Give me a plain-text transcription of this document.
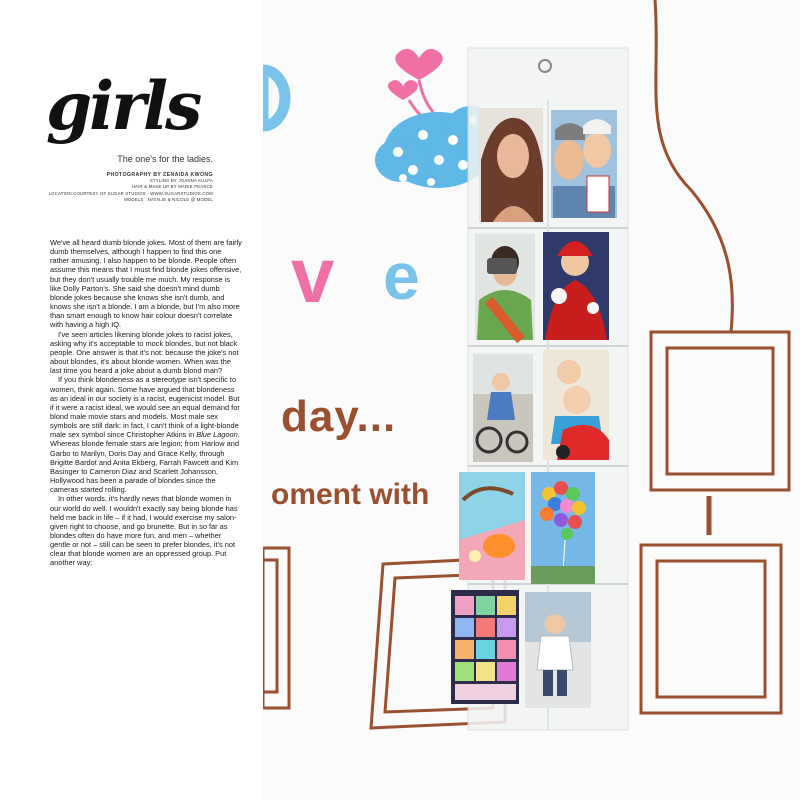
girls
The one's for the ladies.
PHOTOGRAPHY BY ZENAIDA KWONG
STYLING BY JOANNA KULPA
HAIR & MAKE UP BY MARIE PEARCE
LOCATION COURTESY OF SUGAR STUDIOS · WWW.SUGARSTUDIOS.COM
MODELS : NATALIE & NICOLE @ MODEL

We've all heard dumb blonde jokes. Most of them are fairly dumb themselves, although I happen to find this one rather amusing. I also happen to be blonde. People often assume this means that I must find blonde jokes offensive, but they don't usually trouble me much. My response is like Dolly Parton's. She said she doesn't mind dumb blonde jokes because she knows she isn't dumb, and knows she isn't a blonde. I am a blonde, but I'm also more than smart enough to know hair colour doesn't correlate with having a high IQ.

I've seen articles likening blonde jokes to racist jokes, asking why it's acceptable to mock blondes, but not black people. One answer is that it's not: because the joke's not about blondes, it's about blonde women. When was the last time you heard a joke about a dumb blond man?

If you think blondeness as a stereotype isn't specific to women, think again. Some have argued that blondeness as an ideal in our society is a racist, eugenicist model. But if it were a racist ideal, we would see an equal demand for blond male movie stars and models. Most male sex symbols are still dark: in fact, I can't think of a light-blonde male sex symbol since Christopher Atkins in Blue Lagoon. Whereas blonde female stars are legion; from Harlow and Garbo to Marilyn, Doris Day and Grace Kelly, through Brigitte Bardot and Anita Ekberg, Farrah Fawcett and Kim Basinger to Cameron Diaz and Scarlett Johansson, Hollywood has been a parade of blondes since the cameras started rolling.

In other words, it's hardly news that blonde women in our world do well. I wouldn't exactly say being blonde has held me back in life – if it had, I would exercise my salon-given right to choose, and go brunette. But in so far as blondes often do have more fun, and men – whether gentle or not – still can be seen to prefer blondes, it's not clear that blonde women are an oppressed group. Put another way:

v e
day...
oment with
